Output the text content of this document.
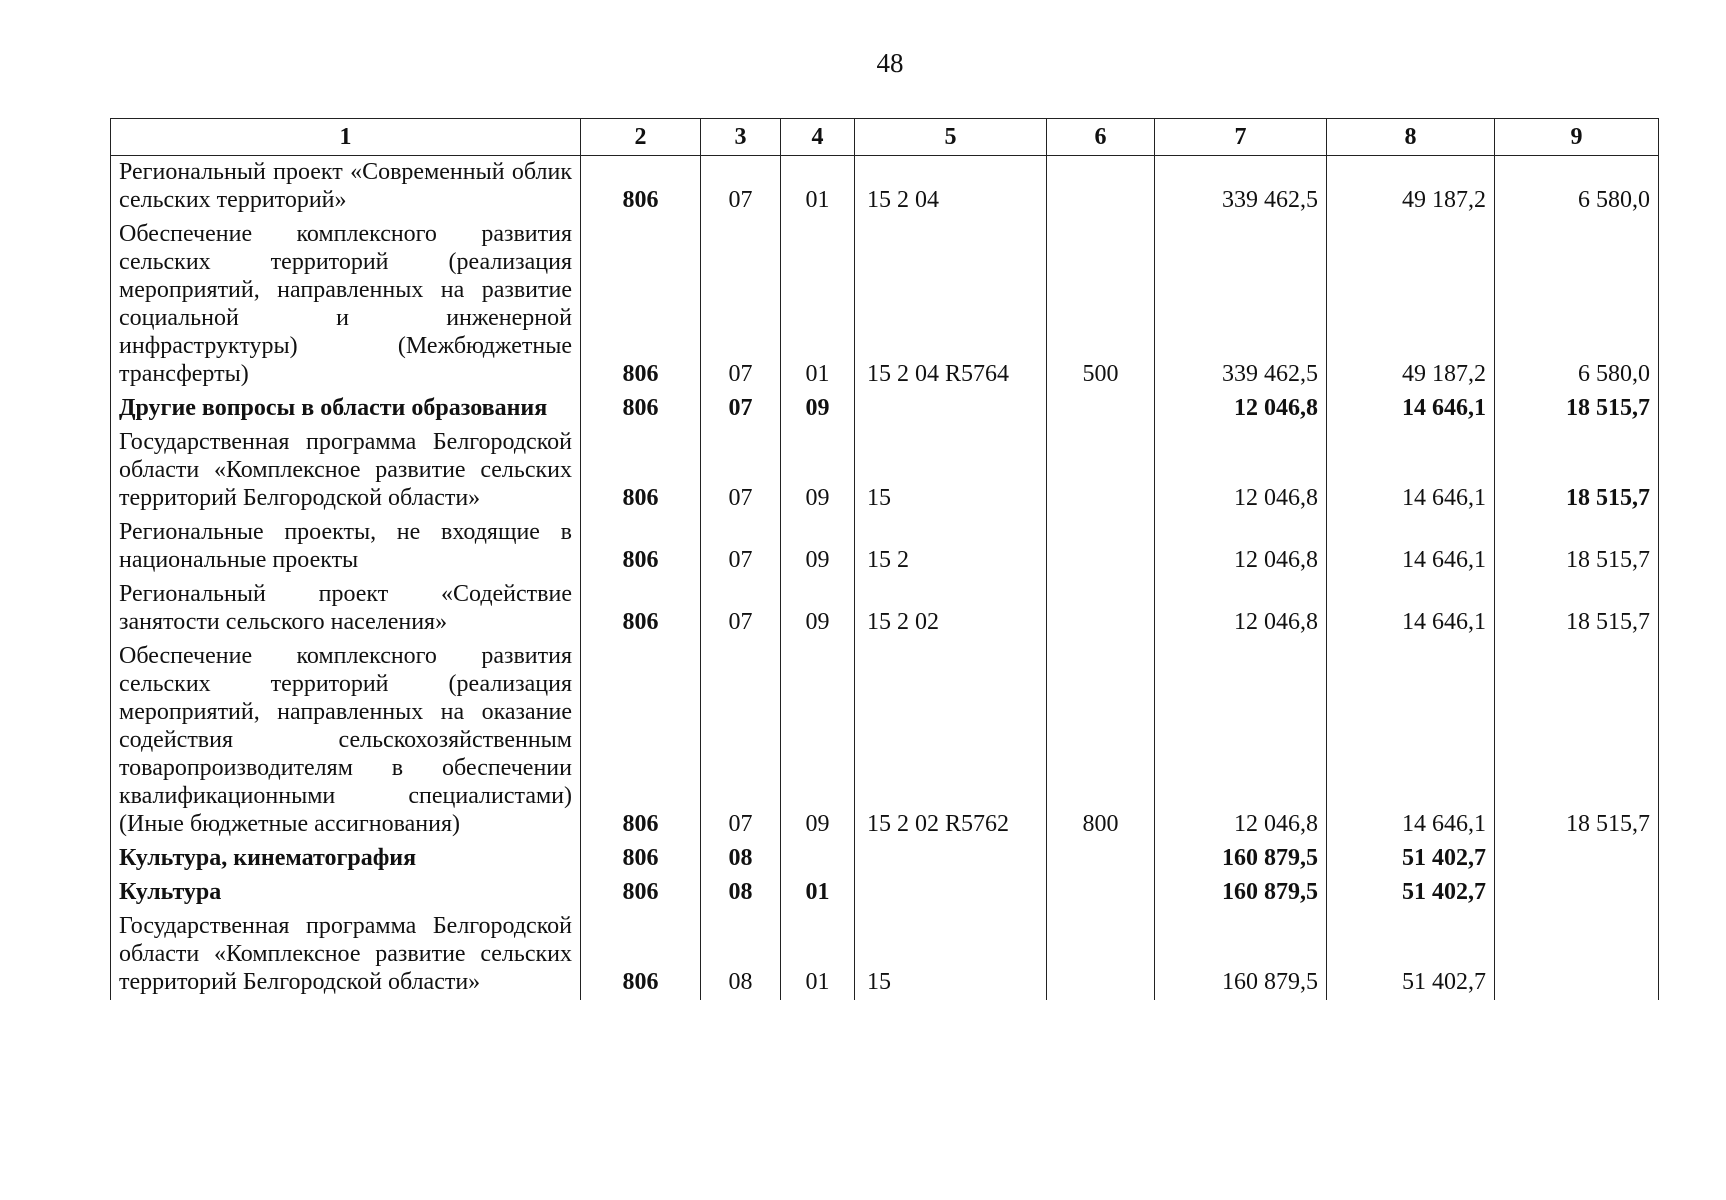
48
1	2	3	4	5	6	7	8	9
Региональный проект «Современный облик сельских территорий»	806	07	01	15 2 04		339 462,5	49 187,2	6 580,0
Обеспечение комплексного развития сельских территорий (реализация мероприятий, направленных на развитие социальной и инженерной инфраструктуры) (Межбюджетные трансферты)	806	07	01	15 2 04 R5764	500	339 462,5	49 187,2	6 580,0
Другие вопросы в области образования	806	07	09			12 046,8	14 646,1	18 515,7
Государственная программа Белгородской области «Комплексное развитие сельских территорий Белгородской области»	806	07	09	15		12 046,8	14 646,1	18 515,7
Региональные проекты, не входящие в национальные проекты	806	07	09	15 2		12 046,8	14 646,1	18 515,7
Региональный проект «Содействие занятости сельского населения»	806	07	09	15 2 02		12 046,8	14 646,1	18 515,7
Обеспечение комплексного развития сельских территорий (реализация мероприятий, направленных на оказание содействия сельскохозяйственным товаропроизводителям в обеспечении квалификационными специалистами) (Иные бюджетные ассигнования)	806	07	09	15 2 02 R5762	800	12 046,8	14 646,1	18 515,7
Культура, кинематография	806	08				160 879,5	51 402,7	
Культура	806	08	01			160 879,5	51 402,7	
Государственная программа Белгородской области «Комплексное развитие сельских территорий Белгородской области»	806	08	01	15		160 879,5	51 402,7	
